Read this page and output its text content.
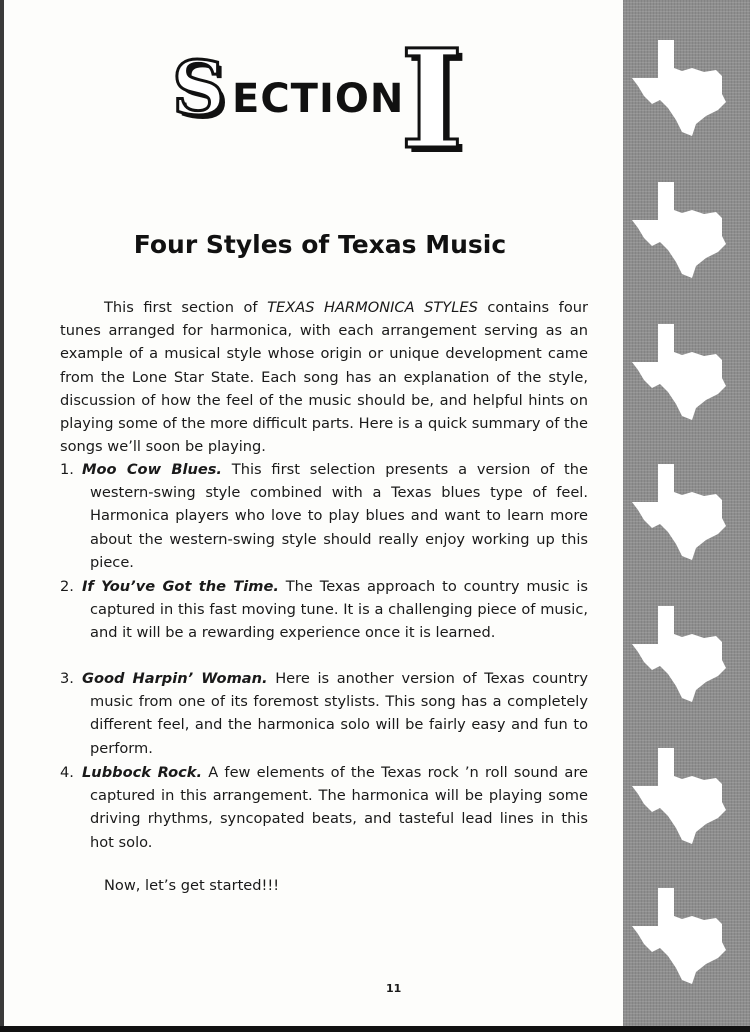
S ECTION
I
Four Styles of Texas Music
This first section of TEXAS HARMONICA STYLES contains four tunes arranged for harmonica, with each arrangement serving as an example of a musical style whose origin or unique development came from the Lone Star State. Each song has an explanation of the style, discussion of how the feel of the music should be, and helpful hints on playing some of the more difficult parts. Here is a quick summary of the songs we’ll soon be playing.
1. Moo Cow Blues. This first selection presents a version of the western-swing style combined with a Texas blues type of feel. Harmonica players who love to play blues and want to learn more about the western-swing style should really enjoy working up this piece.
2. If You’ve Got the Time. The Texas approach to country music is captured in this fast moving tune. It is a challenging piece of music, and it will be a rewarding experience once it is learned.
3. Good Harpin’ Woman. Here is another version of Texas country music from one of its foremost stylists. This song has a completely different feel, and the harmonica solo will be fairly easy and fun to perform.
4. Lubbock Rock. A few elements of the Texas rock ’n roll sound are captured in this arrangement. The harmonica will be playing some driving rhythms, syncopated beats, and tasteful lead lines in this hot solo.
Now, let’s get started!!!
11
